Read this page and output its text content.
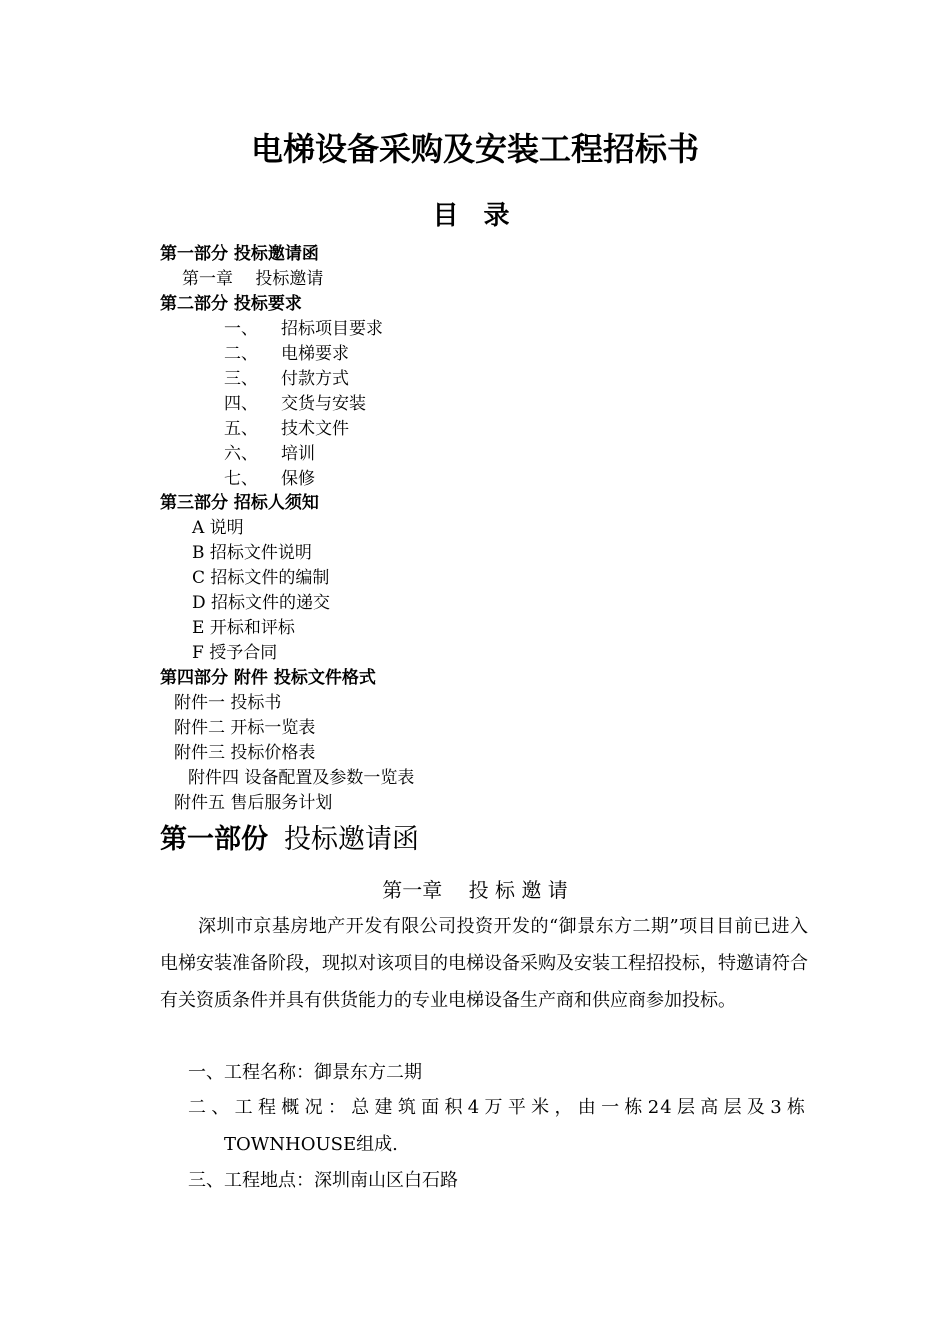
电梯设备采购及安装工程招标书
目 录
第一部分 投标邀请函
第一章　 投标邀请
第二部分 投标要求
一、 招标项目要求
二、 电梯要求
三、 付款方式
四、 交货与安装
五、 技术文件
六、 培训
七、 保修
第三部分 招标人须知
A 说明
B 招标文件说明
C 招标文件的编制
D 招标文件的递交
E 开标和评标
F 授予合同
第四部分 附件 投标文件格式
附件一 投标书
附件二 开标一览表
附件三 投标价格表
附件四 设备配置及参数一览表
附件五 售后服务计划
第一部份 投标邀请函
第一章　 投 标 邀 请
深圳市京基房地产开发有限公司投资开发的“御景东方二期”项目目前已进入电梯安装准备阶段，现拟对该项目的电梯设备采购及安装工程招投标，特邀请符合有关资质条件并具有供货能力的专业电梯设备生产商和供应商参加投标。
一、工程名称：御景东方二期
二、工程概况：总建筑面积4万平米，由一栋24层高层及3栋
TOWNHOUSE组成.
三、工程地点：深圳南山区白石路
